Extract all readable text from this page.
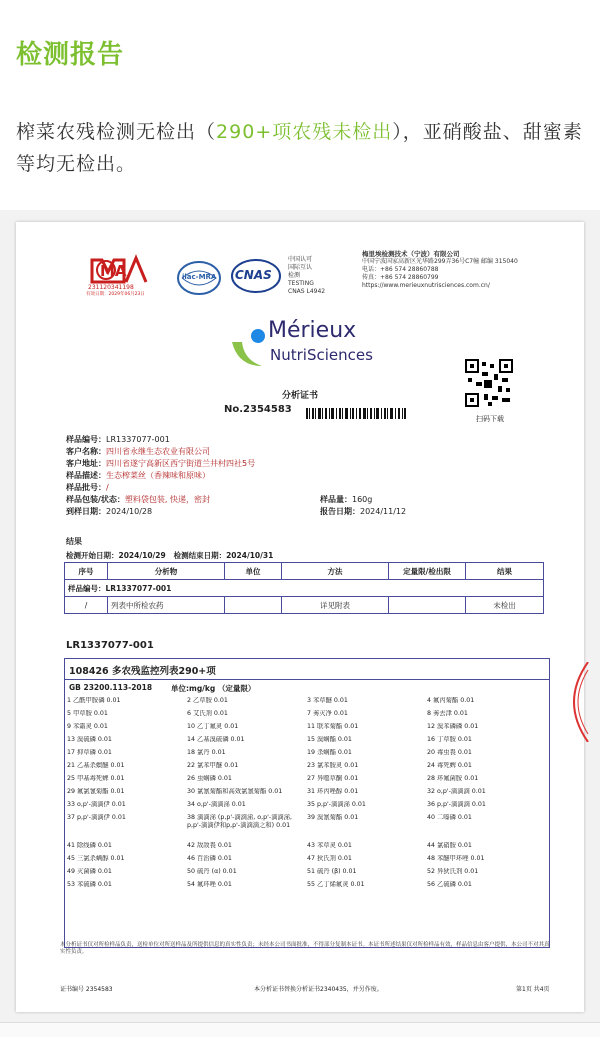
检测报告
榨菜农残检测无检出（290+项农残未检出），亚硝酸盐、甜蜜素等均无检出。
231120341198
有效日期：2029年06月23日
MA	ilac-MRA CNAS
中国认可
国际互认
检测
TESTING
CNAS L4942
梅里埃检测技术（宁波）有限公司
中国宁波国家高新区光华路299弄36号C7幢 邮编 315040
电话：+86 574 28860788
传真：+86 574 28860799
https://www.merieuxnutrisciences.com.cn/
Mérieux
NutriSciences
扫码下载
分析证书
No.2354583
样品编号：LR1337077-001
客户名称：四川省永继生态农业有限公司
客户地址：四川省遂宁高新区西宁街道兰井村四社5号
样品描述：生态榨菜丝（香辣味和原味）
样品批号：/
样品包装/状态：塑料袋包装, 快递，密封	样品量：160g
到样日期：2024/10/28	报告日期：2024/11/12
结果
检测开始日期：2024/10/29 检测结束日期：2024/10/31
序号	分析物	单位	方法	定量限/检出限	结果
样品编号：LR1337077-001					
/	列表中所检农药		详见附表		未检出
LR1337077-001
108426 多农残监控列表290+项
GB 23200.113-2018	单位:mg/kg （定量限）
1 乙酰甲胺磷 0.01	2 乙草胺 0.01	3 苯草醚 0.01	4 氟丙菊酯 0.01
5 甲草胺 0.01	6 艾氏剂 0.01	7 莠灭净 0.01	8 莠去津 0.01
9 苯霜灵 0.01	10 乙丁氟灵 0.01	11 联苯菊酯 0.01	12 溴苯磷磷 0.01
13 溴硫磷 0.01	14 乙基溴硫磷 0.01	15 溴螨酯 0.01	16 丁草胺 0.01
17 抑草磷 0.01	18 氯丹 0.01	19 杀螨酯 0.01	20 毒虫畏 0.01
21 乙基杀螟醚 0.01	22 氯苯甲醚 0.01	23 氯苯胺灵 0.01	24 毒死蜱 0.01
25 甲基毒死蜱 0.01	26 虫螨磷 0.01	27 异噁草酮 0.01	28 环氟菌胺 0.01
29 氟氯氰菊酯 0.01	30 氯氰菊酯和高效氯氰菊酯 0.01	31 环丙唑醇 0.01	32 o,p'-滴滴滴 0.01
33 o,p'-滴滴伊 0.01	34 o,p'-滴滴涕 0.01	35 p,p'-滴滴涕 0.01	36 p,p'-滴滴滴 0.01
37 p,p'-滴滴伊 0.01	38 滴滴涕 (p,p'-滴滴涕, o,p'-滴滴涕, p,p'-滴滴伊和p,p'-滴滴滴之和) 0.01
39 溴氰菊酯 0.01	40 二嗪磷 0.01
41 除线磷 0.01	42 敌敌畏 0.01	43 苯草灵 0.01	44 氯硝胺 0.01
45 三氯杀螨醇 0.01	46 百治磷 0.01	47 狄氏剂 0.01	48 苯醚甲环唑 0.01
49 灭菌磷 0.01	50 硫丹 (α) 0.01	51 硫丹 (β) 0.01	52 异狄氏剂 0.01
53 苯硫磷 0.01	54 氟环唑 0.01	55 乙丁烯氟灵 0.01	56 乙硫磷 0.01
本分析证书仅对所检样品负责，送检单位对所送样品及所提供信息的真实性负责；未经本公司书面批准，不得部分复制本证书。本证书所述结果仅对所检样品有效，样品信息由客户提供，本公司不对其真实性负责。
证书编号 2354583	本分析证书替换分析证书2340435，并另作废。	第1页 共4页
